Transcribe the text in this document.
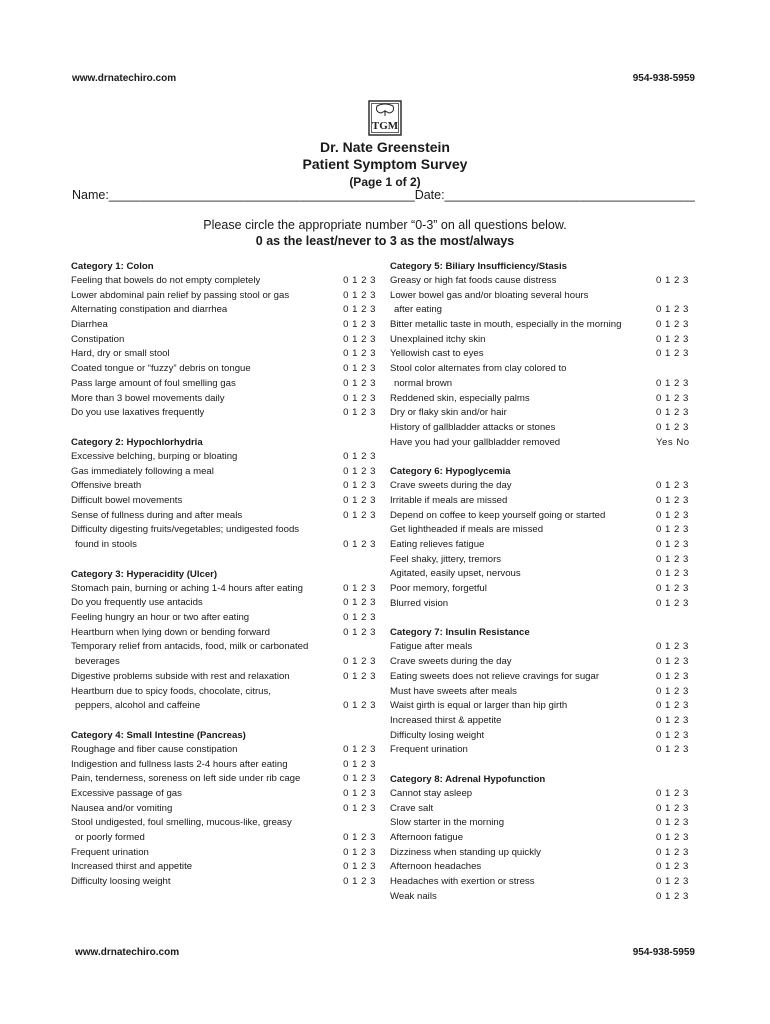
www.drnatechiro.com	954-938-5959
TGM
Dr. Nate Greenstein
Patient Symptom Survey
(Page 1 of 2)
Name:____________________________________________Date:____________________________________
Please circle the appropriate number “0-3” on all questions below.
0 as the least/never to 3 as the most/always
Category 1: Colon
Feeling that bowels do not empty completely	0 1 2 3
Lower abdominal pain relief by passing stool or gas	0 1 2 3
Alternating constipation and diarrhea	0 1 2 3
Diarrhea	0 1 2 3
Constipation	0 1 2 3
Hard, dry or small stool	0 1 2 3
Coated tongue or “fuzzy” debris on tongue	0 1 2 3
Pass large amount of foul smelling gas	0 1 2 3
More than 3 bowel movements daily	0 1 2 3
Do you use laxatives frequently	0 1 2 3
Category 2: Hypochlorhydria
Excessive belching, burping or bloating	0 1 2 3
Gas immediately following a meal	0 1 2 3
Offensive breath	0 1 2 3
Difficult bowel movements	0 1 2 3
Sense of fullness during and after meals	0 1 2 3
Difficulty digesting fruits/vegetables; undigested foods
found in stools	0 1 2 3
Category 3: Hyperacidity (Ulcer)
Stomach pain, burning or aching 1-4 hours after eating	0 1 2 3
Do you frequently use antacids	0 1 2 3
Feeling hungry an hour or two after eating	0 1 2 3
Heartburn when lying down or bending forward	0 1 2 3
Temporary relief from antacids, food, milk or carbonated
beverages	0 1 2 3
Digestive problems subside with rest and relaxation	0 1 2 3
Heartburn due to spicy foods, chocolate, citrus,
peppers, alcohol and caffeine	0 1 2 3
Category 4: Small Intestine (Pancreas)
Roughage and fiber cause constipation	0 1 2 3
Indigestion and fullness lasts 2-4 hours after eating	0 1 2 3
Pain, tenderness, soreness on left side under rib cage	0 1 2 3
Excessive passage of gas	0 1 2 3
Nausea and/or vomiting	0 1 2 3
Stool undigested, foul smelling, mucous-like, greasy
or poorly formed	0 1 2 3
Frequent urination	0 1 2 3
Increased thirst and appetite	0 1 2 3
Difficulty loosing weight	0 1 2 3
Category 5: Biliary Insufficiency/Stasis
Greasy or high fat foods cause distress	0 1 2 3
Lower bowel gas and/or bloating several hours
after eating	0 1 2 3
Bitter metallic taste in mouth, especially in the morning	0 1 2 3
Unexplained itchy skin	0 1 2 3
Yellowish cast to eyes	0 1 2 3
Stool color alternates from clay colored to
normal brown	0 1 2 3
Reddened skin, especially palms	0 1 2 3
Dry or flaky skin and/or hair	0 1 2 3
History of gallbladder attacks or stones	0 1 2 3
Have you had your gallbladder removed	Yes No
Category 6: Hypoglycemia
Crave sweets during the day	0 1 2 3
Irritable if meals are missed	0 1 2 3
Depend on coffee to keep yourself going or started	0 1 2 3
Get lightheaded if meals are missed	0 1 2 3
Eating relieves fatigue	0 1 2 3
Feel shaky, jittery, tremors	0 1 2 3
Agitated, easily upset, nervous	0 1 2 3
Poor memory, forgetful	0 1 2 3
Blurred vision	0 1 2 3
Category 7: Insulin Resistance
Fatigue after meals	0 1 2 3
Crave sweets during the day	0 1 2 3
Eating sweets does not relieve cravings for sugar	0 1 2 3
Must have sweets after meals	0 1 2 3
Waist girth is equal or larger than hip girth	0 1 2 3
Increased thirst & appetite	0 1 2 3
Difficulty losing weight	0 1 2 3
Frequent urination	0 1 2 3
Category 8: Adrenal Hypofunction
Cannot stay asleep	0 1 2 3
Crave salt	0 1 2 3
Slow starter in the morning	0 1 2 3
Afternoon fatigue	0 1 2 3
Dizziness when standing up quickly	0 1 2 3
Afternoon headaches	0 1 2 3
Headaches with exertion or stress	0 1 2 3
Weak nails	0 1 2 3
www.drnatechiro.com	954-938-5959
